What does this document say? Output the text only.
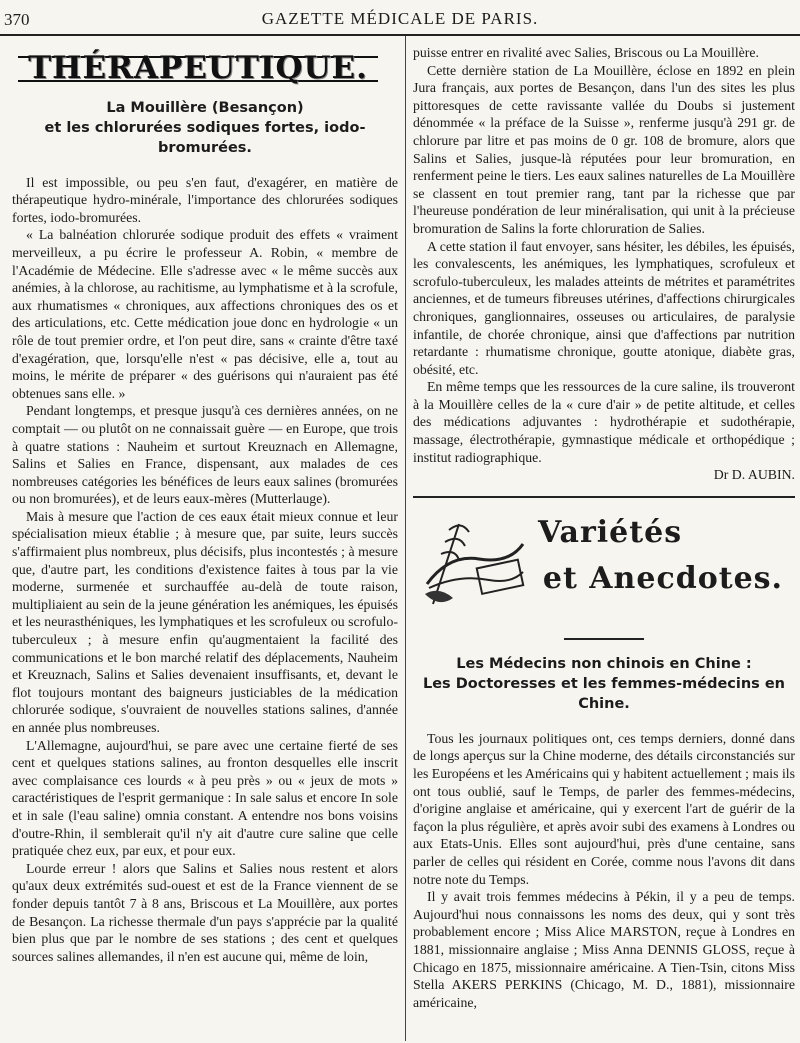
370	GAZETTE MÉDICALE DE PARIS.
THÉRAPEUTIQUE.
La Mouillère (Besançon)
et les chlorurées sodiques fortes, iodo-bromurées.

Il est impossible, ou peu s'en faut, d'exagérer, en matière de thérapeutique hydro-minérale, l'importance des chlorurées sodiques fortes, iodo-bromurées.

« La balnéation chlorurée sodique produit des effets « vraiment merveilleux, a pu écrire le professeur A. Robin, « membre de l'Académie de Médecine. Elle s'adresse avec « le même succès aux anémies, à la chlorose, au rachitisme, au lymphatisme et à la scrofule, aux rhumatismes « chroniques, aux affections chroniques des os et des articulations, etc. Cette médication joue donc en hydrologie « un rôle de tout premier ordre, et l'on peut dire, sans « crainte d'être taxé d'exagération, que, lorsqu'elle n'est « pas décisive, elle a, tout au moins, le mérite de préparer « des guérisons qui n'auraient pas été obtenues sans elle. »

Pendant longtemps, et presque jusqu'à ces dernières années, on ne comptait — ou plutôt on ne connaissait guère — en Europe, que trois à quatre stations : Nauheim et surtout Kreuznach en Allemagne, Salins et Salies en France, dispensant, aux malades de ces nombreuses catégories les bénéfices de leurs eaux salines (bromurées ou non bromurées), et de leurs eaux-mères (Mutterlauge).

Mais à mesure que l'action de ces eaux était mieux connue et leur spécialisation mieux établie ; à mesure que, par suite, leurs succès s'affirmaient plus nombreux, plus décisifs, plus incontestés ; à mesure que, d'autre part, les conditions d'existence faites à tous par la vie moderne, surmenée et surchauffée au-delà de toute raison, multipliaient au sein de la jeune génération les anémiques, les épuisés et les neurasthéniques, les lymphatiques et les scrofuleux ou scrofulo-tuberculeux ; à mesure enfin qu'augmentaient la facilité des communications et le bon marché relatif des déplacements, Nauheim et Kreuznach, Salins et Salies devenaient insuffisants, et, devant le flot toujours montant des baigneurs justiciables de la médication chlorurée sodique, s'ouvraient de nouvelles stations salines, d'année en année plus nombreuses.

L'Allemagne, aujourd'hui, se pare avec une certaine fierté de ses cent et quelques stations salines, au fronton desquelles elle inscrit avec complaisance ces lourds « à peu près » ou « jeux de mots » caractéristiques de l'esprit germanique : In sale salus et encore In sole et in sale (l'eau saline) omnia constant. A entendre nos bons voisins d'outre-Rhin, il semblerait qu'il n'y ait d'autre cure saline que celle pratiquée chez eux, par eux, et pour eux.

Lourde erreur ! alors que Salins et Salies nous restent et alors qu'aux deux extrémités sud-ouest et est de la France viennent de se fonder depuis tantôt 7 à 8 ans, Briscous et La Mouillère, aux portes de Besançon. La richesse thermale d'un pays s'apprécie par la qualité bien plus que par le nombre de ses stations ; des cent et quelques sources salines allemandes, il n'en est aucune qui, même de loin,

puisse entrer en rivalité avec Salies, Briscous ou La Mouillère.

Cette dernière station de La Mouillère, éclose en 1892 en plein Jura français, aux portes de Besançon, dans l'un des sites les plus pittoresques de cette ravissante vallée du Doubs si justement dénommée « la préface de la Suisse », renferme jusqu'à 291 gr. de chlorure par litre et pas moins de 0 gr. 108 de bromure, alors que Salins et Salies, jusque-là réputées pour leur bromuration, en renferment peine le tiers. Les eaux salines naturelles de La Mouillère se classent en tout premier rang, tant par la richesse que par l'heureuse pondération de leur minéralisation, qui unit à la précieuse bromuration de Salins la forte chloruration de Salies.

A cette station il faut envoyer, sans hésiter, les débiles, les épuisés, les convalescents, les anémiques, les lymphatiques, scrofuleux et scrofulo-tuberculeux, les malades atteints de métrites et paramétrites anciennes, et de tumeurs fibreuses utérines, d'affections chirurgicales chroniques, ganglionnaires, osseuses ou articulaires, de paralysie infantile, de chorée chronique, ainsi que d'affections par nutrition retardante : rhumatisme chronique, goutte atonique, diabète gras, obésité, etc.

En même temps que les ressources de la cure saline, ils trouveront à la Mouillère celles de la « cure d'air » de petite altitude, et celles des médications adjuvantes : hydrothérapie et sudothérapie, massage, électrothérapie, gymnastique médicale et orthopédique ; institut radiographique.

Dr D. AUBIN.

Variétés
et Anecdotes.
Les Médecins non chinois en Chine :
Les Doctoresses et les femmes-médecins en Chine.

Tous les journaux politiques ont, ces temps derniers, donné dans de longs aperçus sur la Chine moderne, des détails circonstanciés sur les Européens et les Américains qui y habitent actuellement ; mais ils ont tous oublié, sauf le Temps, de parler des femmes-médecins, d'origine anglaise et américaine, qui y exercent l'art de guérir de la façon la plus régulière, et après avoir subi des examens à Londres ou aux Etats-Unis. Elles sont aujourd'hui, près d'une centaine, sans parler de celles qui résident en Corée, comme nous l'avons dit dans notre note du Temps.

Il y avait trois femmes médecins à Pékin, il y a peu de temps. Aujourd'hui nous connaissons les noms des deux, qui y sont très probablement encore ; Miss Alice MARSTON, reçue à Londres en 1881, missionnaire anglaise ; Miss Anna DENNIS GLOSS, reçue à Chicago en 1875, missionnaire américaine. A Tien-Tsin, citons Miss Stella AKERS PERKINS (Chicago, M. D., 1881), missionnaire américaine,
